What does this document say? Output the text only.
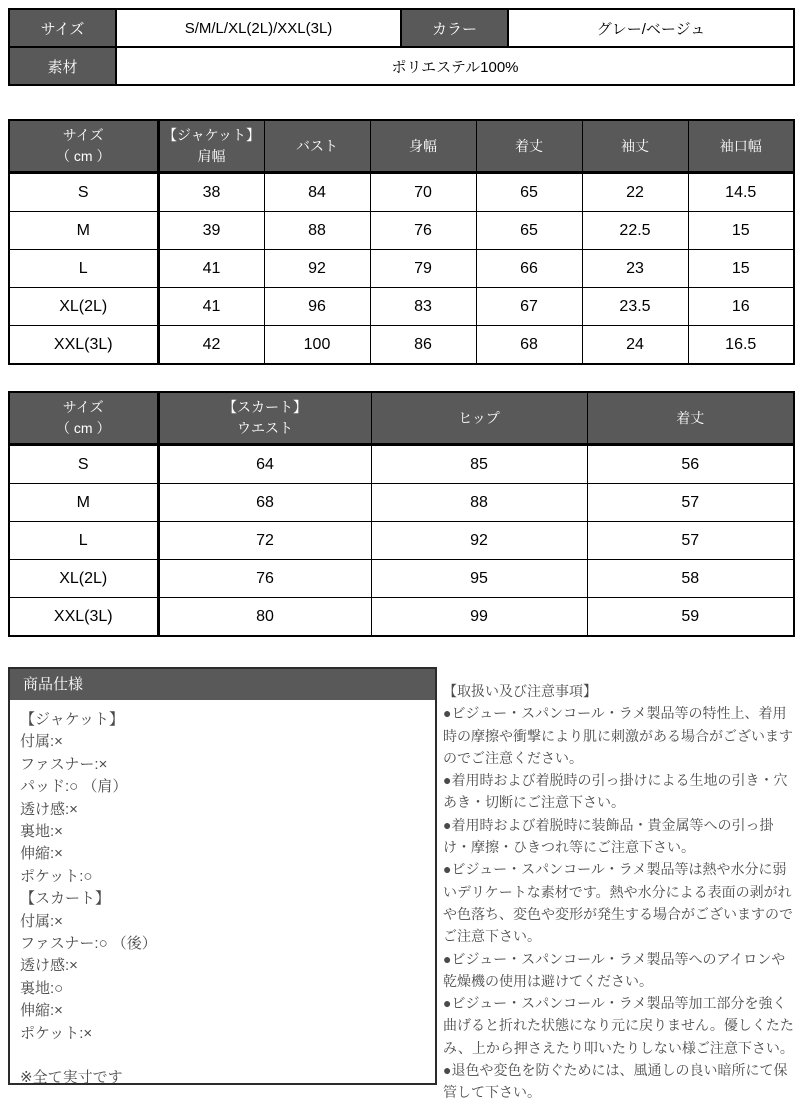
サイズ	S/M/L/XL(2L)/XXL(3L)	カラー	グレー/ベージュ
素材	ポリエステル100%		
サイズ
（ cm ）

【ジャケット】
肩幅
	バスト	身幅	着丈	袖丈	袖口幅
S	38	84	70	65	22	14.5
M	39	88	76	65	22.5	15
L	41	92	79	66	23	15
XL(2L)	41	96	83	67	23.5	16
XXL(3L)	42	100	86	68	24	16.5
サイズ
（ cm ）

【スカート】
ウエスト
	ヒップ	着丈
S	64	85	56
M	68	88	57
L	72	92	57
XL(2L)	76	95	58
XXL(3L)	80	99	59
商品仕様
【ジャケット】
付属:×
ファスナー:×
パッド:○ （肩）
透け感:×
裏地:×
伸縮:×
ポケット:○
【スカート】
付属:×
ファスナー:○ （後）
透け感:×
裏地:○
伸縮:×
ポケット:×
※全て実寸です

【取扱い及び注意事項】

●ビジュー・スパンコール・ラメ製品等の特性上、着用時の摩擦や衝撃により肌に刺激がある場合がございますのでご注意ください。

●着用時および着脱時の引っ掛けによる生地の引き・穴あき・切断にご注意下さい。

●着用時および着脱時に装飾品・貴金属等への引っ掛け・摩擦・ひきつれ等にご注意下さい。

●ビジュー・スパンコール・ラメ製品等は熱や水分に弱いデリケートな素材です。熱や水分による表面の剥がれや色落ち、変色や変形が発生する場合がございますのでご注意下さい。

●ビジュー・スパンコール・ラメ製品等へのアイロンや乾燥機の使用は避けてください。

●ビジュー・スパンコール・ラメ製品等加工部分を強く曲げると折れた状態になり元に戻りません。優しくたたみ、上から押さえたり叩いたりしない様ご注意下さい。

●退色や変色を防ぐためには、風通しの良い暗所にて保管して下さい。
